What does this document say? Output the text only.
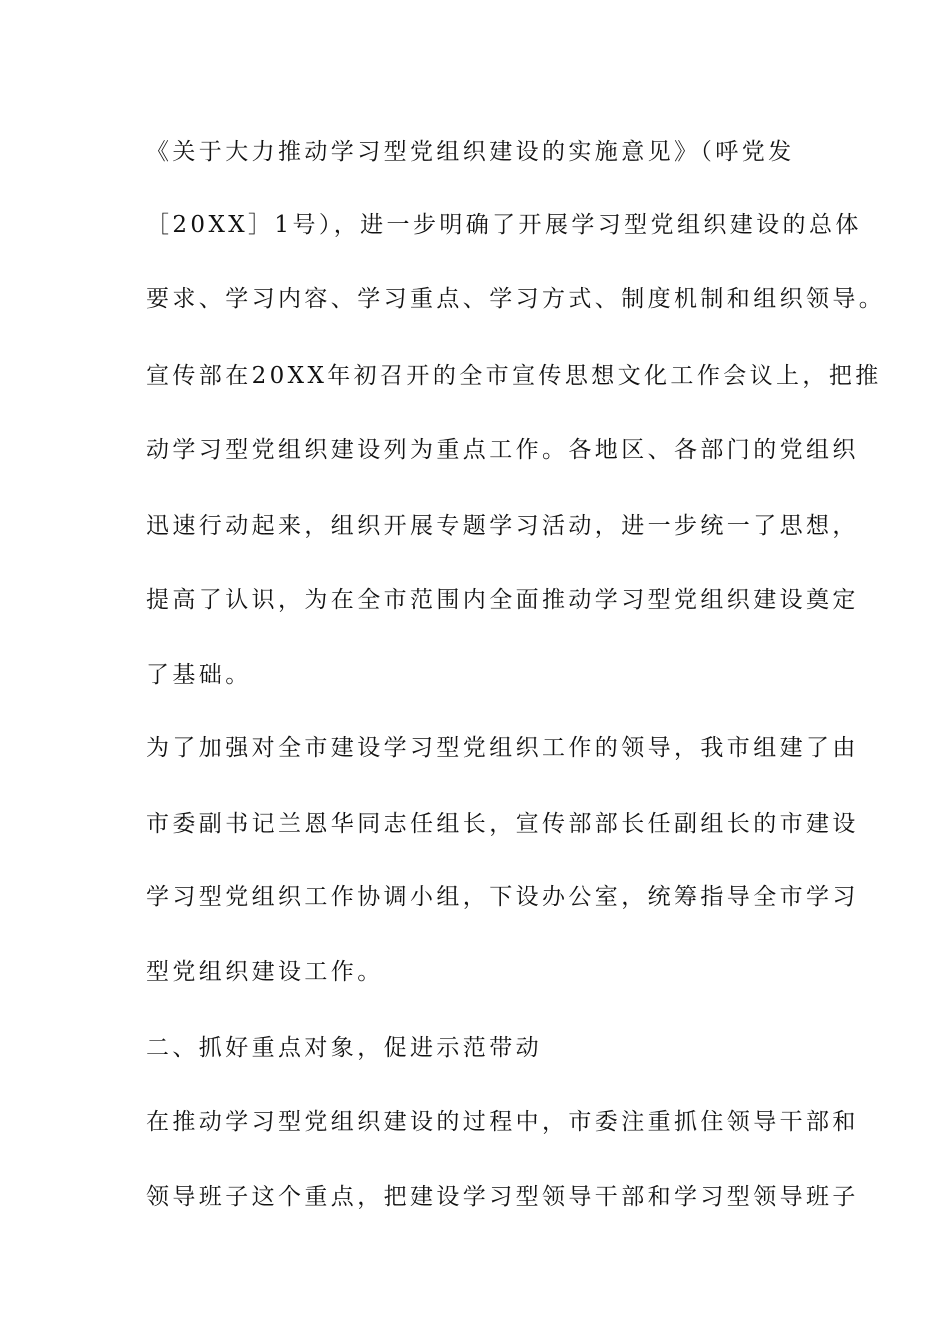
《关于大力推动学习型党组织建设的实施意见》（呼党发
［20XX］1号），进一步明确了开展学习型党组织建设的总体
要求、学习内容、学习重点、学习方式、制度机制和组织领导。
宣传部在20XX年初召开的全市宣传思想文化工作会议上，把推
动学习型党组织建设列为重点工作。各地区、各部门的党组织
迅速行动起来，组织开展专题学习活动，进一步统一了思想，
提高了认识，为在全市范围内全面推动学习型党组织建设奠定
了基础。
为了加强对全市建设学习型党组织工作的领导，我市组建了由
市委副书记兰恩华同志任组长，宣传部部长任副组长的市建设
学习型党组织工作协调小组，下设办公室，统筹指导全市学习
型党组织建设工作。
二、抓好重点对象，促进示范带动
在推动学习型党组织建设的过程中，市委注重抓住领导干部和
领导班子这个重点，把建设学习型领导干部和学习型领导班子
